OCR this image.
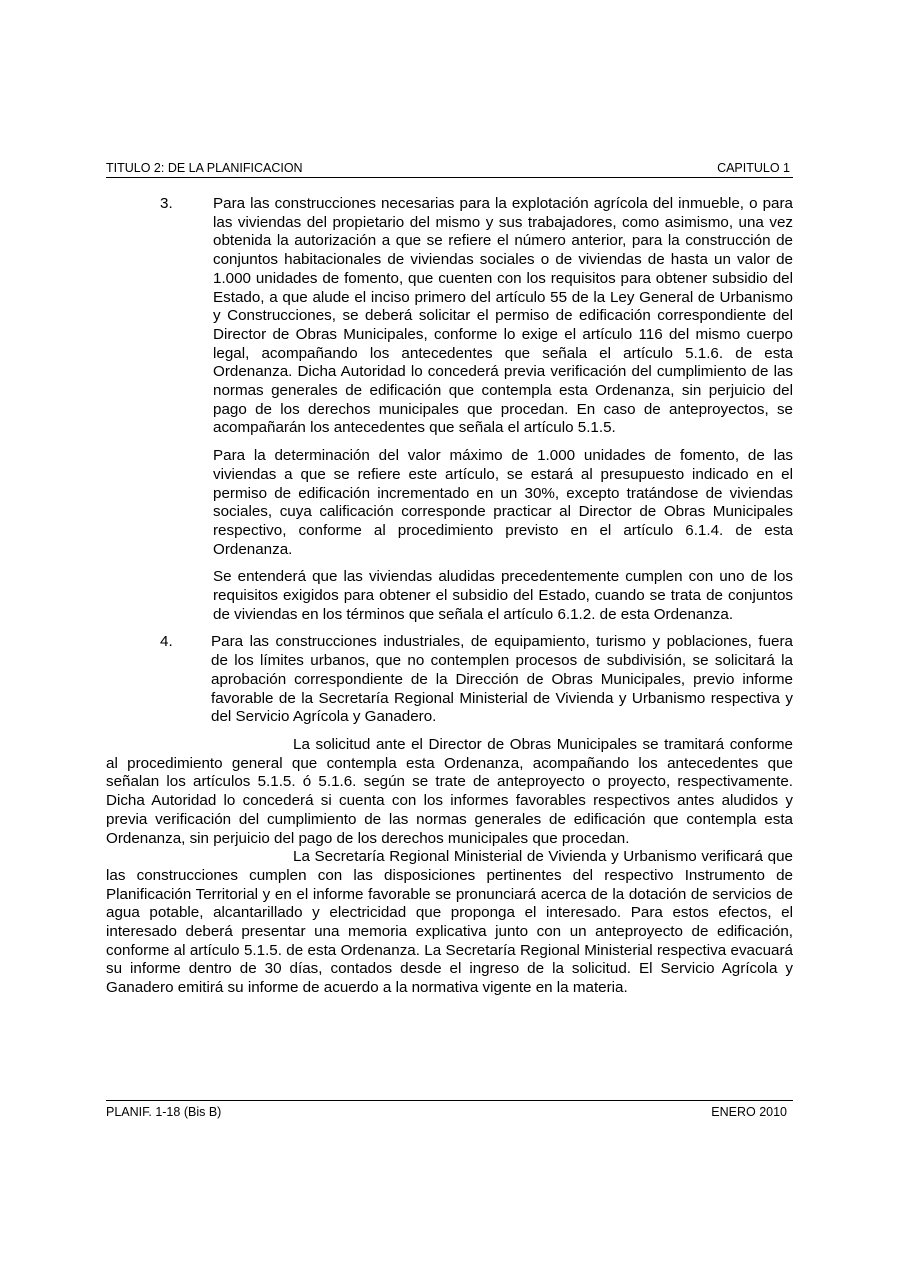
TITULO 2: DE LA PLANIFICACION	CAPITULO 1
3.	Para las construcciones necesarias para la explotación agrícola del inmueble, o para las viviendas del propietario del mismo y sus trabajadores, como asimismo, una vez obtenida la autorización a que se refiere el número anterior, para la construcción de conjuntos habitacionales de viviendas sociales o de viviendas de hasta un valor de 1.000 unidades de fomento, que cuenten con los requisitos para obtener subsidio del Estado, a que alude el inciso primero del artículo 55 de la Ley General de Urbanismo y Construcciones, se deberá solicitar el permiso de edificación correspondiente del Director de Obras Municipales, conforme lo exige el artículo 116 del mismo cuerpo legal, acompañando los antecedentes que señala el artículo 5.1.6. de esta Ordenanza. Dicha Autoridad lo concederá previa verificación del cumplimiento de las normas generales de edificación que contempla esta Ordenanza, sin perjuicio del pago de los derechos municipales que procedan. En caso de anteproyectos, se acompañarán los antecedentes que señala el artículo 5.1.5.

Para la determinación del valor máximo de 1.000 unidades de fomento, de las viviendas a que se refiere este artículo, se estará al presupuesto indicado en el permiso de edificación incrementado en un 30%, excepto tratándose de viviendas sociales, cuya calificación corresponde practicar al Director de Obras Municipales respectivo, conforme al procedimiento previsto en el artículo 6.1.4. de esta Ordenanza.

Se entenderá que las viviendas aludidas precedentemente cumplen con uno de los requisitos exigidos para obtener el subsidio del Estado, cuando se trata de conjuntos de viviendas en los términos que señala el artículo 6.1.2. de esta Ordenanza.

4.	Para las construcciones industriales, de equipamiento, turismo y poblaciones, fuera de los límites urbanos, que no contemplen procesos de subdivisión, se solicitará la aprobación correspondiente de la Dirección de Obras Municipales, previo informe favorable de la Secretaría Regional Ministerial de Vivienda y Urbanismo respectiva y del Servicio Agrícola y Ganadero.

La solicitud ante el Director de Obras Municipales se tramitará conforme al procedimiento general que contempla esta Ordenanza, acompañando los antecedentes que señalan los artículos 5.1.5. ó 5.1.6. según se trate de anteproyecto o proyecto, respectivamente. Dicha Autoridad lo concederá si cuenta con los informes favorables respectivos antes aludidos y previa verificación del cumplimiento de las normas generales de edificación que contempla esta Ordenanza, sin perjuicio del pago de los derechos municipales que procedan.

La Secretaría Regional Ministerial de Vivienda y Urbanismo verificará que las construcciones cumplen con las disposiciones pertinentes del respectivo Instrumento de Planificación Territorial y en el informe favorable se pronunciará acerca de la dotación de servicios de agua potable, alcantarillado y electricidad que proponga el interesado. Para estos efectos, el interesado deberá presentar una memoria explicativa junto con un anteproyecto de edificación, conforme al artículo 5.1.5. de esta Ordenanza. La Secretaría Regional Ministerial respectiva evacuará su informe dentro de 30 días, contados desde el ingreso de la solicitud. El Servicio Agrícola y Ganadero emitirá su informe de acuerdo a la normativa vigente en la materia.

PLANIF. 1-18 (Bis B)	ENERO 2010
